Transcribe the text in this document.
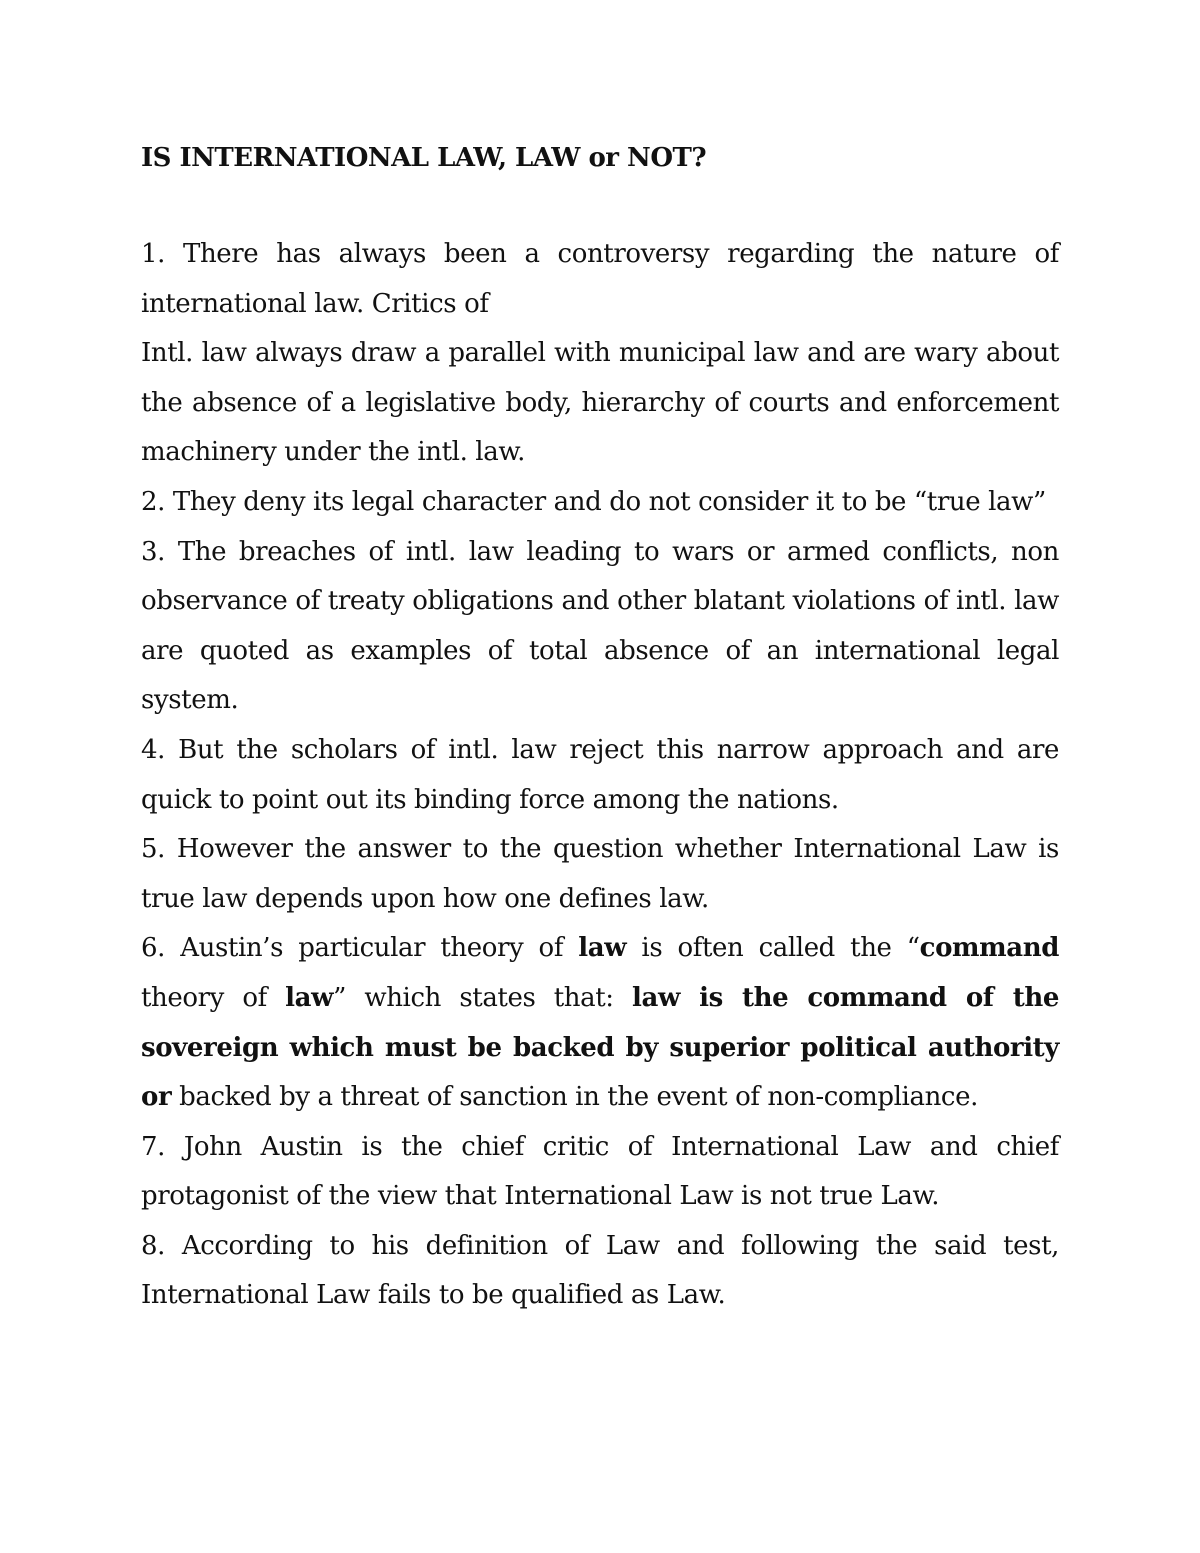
IS INTERNATIONAL LAW, LAW or NOT?

1. There has always been a controversy regarding the nature of international law. Critics of

Intl. law always draw a parallel with municipal law and are wary about the absence of a legislative body, hierarchy of courts and enforcement machinery under the intl. law.

2. They deny its legal character and do not consider it to be “true law”

3. The breaches of intl. law leading to wars or armed conflicts, non observance of treaty obligations and other blatant violations of intl. law are quoted as examples of total absence of an international legal system.

4. But the scholars of intl. law reject this narrow approach and are quick to point out its binding force among the nations.

5. However the answer to the question whether International Law is true law depends upon how one defines law.

6. Austin’s particular theory of law is often called the “command theory of law” which states that: law is the command of the sovereign which must be backed by superior political authority or backed by a threat of sanction in the event of non-compliance.

7. John Austin is the chief critic of International Law and chief protagonist of the view that International Law is not true Law.

8. According to his definition of Law and following the said test, International Law fails to be qualified as Law.
